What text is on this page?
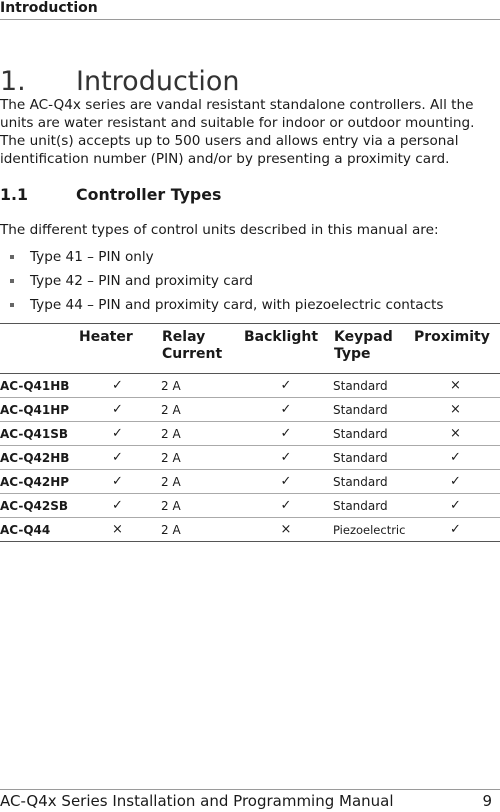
Introduction
1. Introduction

The AC-Q4x series are vandal resistant standalone controllers. All the units are water resistant and suitable for indoor or outdoor mounting. The unit(s) accepts up to 500 users and allows entry via a personal identification number (PIN) and/or by presenting a proximity card.

1.1	Controller Types

The different types of control units described in this manual are:

Type 41 – PIN only
Type 42 – PIN and proximity card
Type 44 – PIN and proximity card, with piezoelectric contacts
	Heater	Relay Current	Backlight	Keypad Type	Proximity
AC-Q41HB	✓	2 A	✓	Standard	×
AC-Q41HP	✓	2 A	✓	Standard	×
AC-Q41SB	✓	2 A	✓	Standard	×
AC-Q42HB	✓	2 A	✓	Standard	✓
AC-Q42HP	✓	2 A	✓	Standard	✓
AC-Q42SB	✓	2 A	✓	Standard	✓
AC-Q44	×	2 A	×	Piezoelectric	✓
AC-Q4x Series Installation and Programming Manual	9
